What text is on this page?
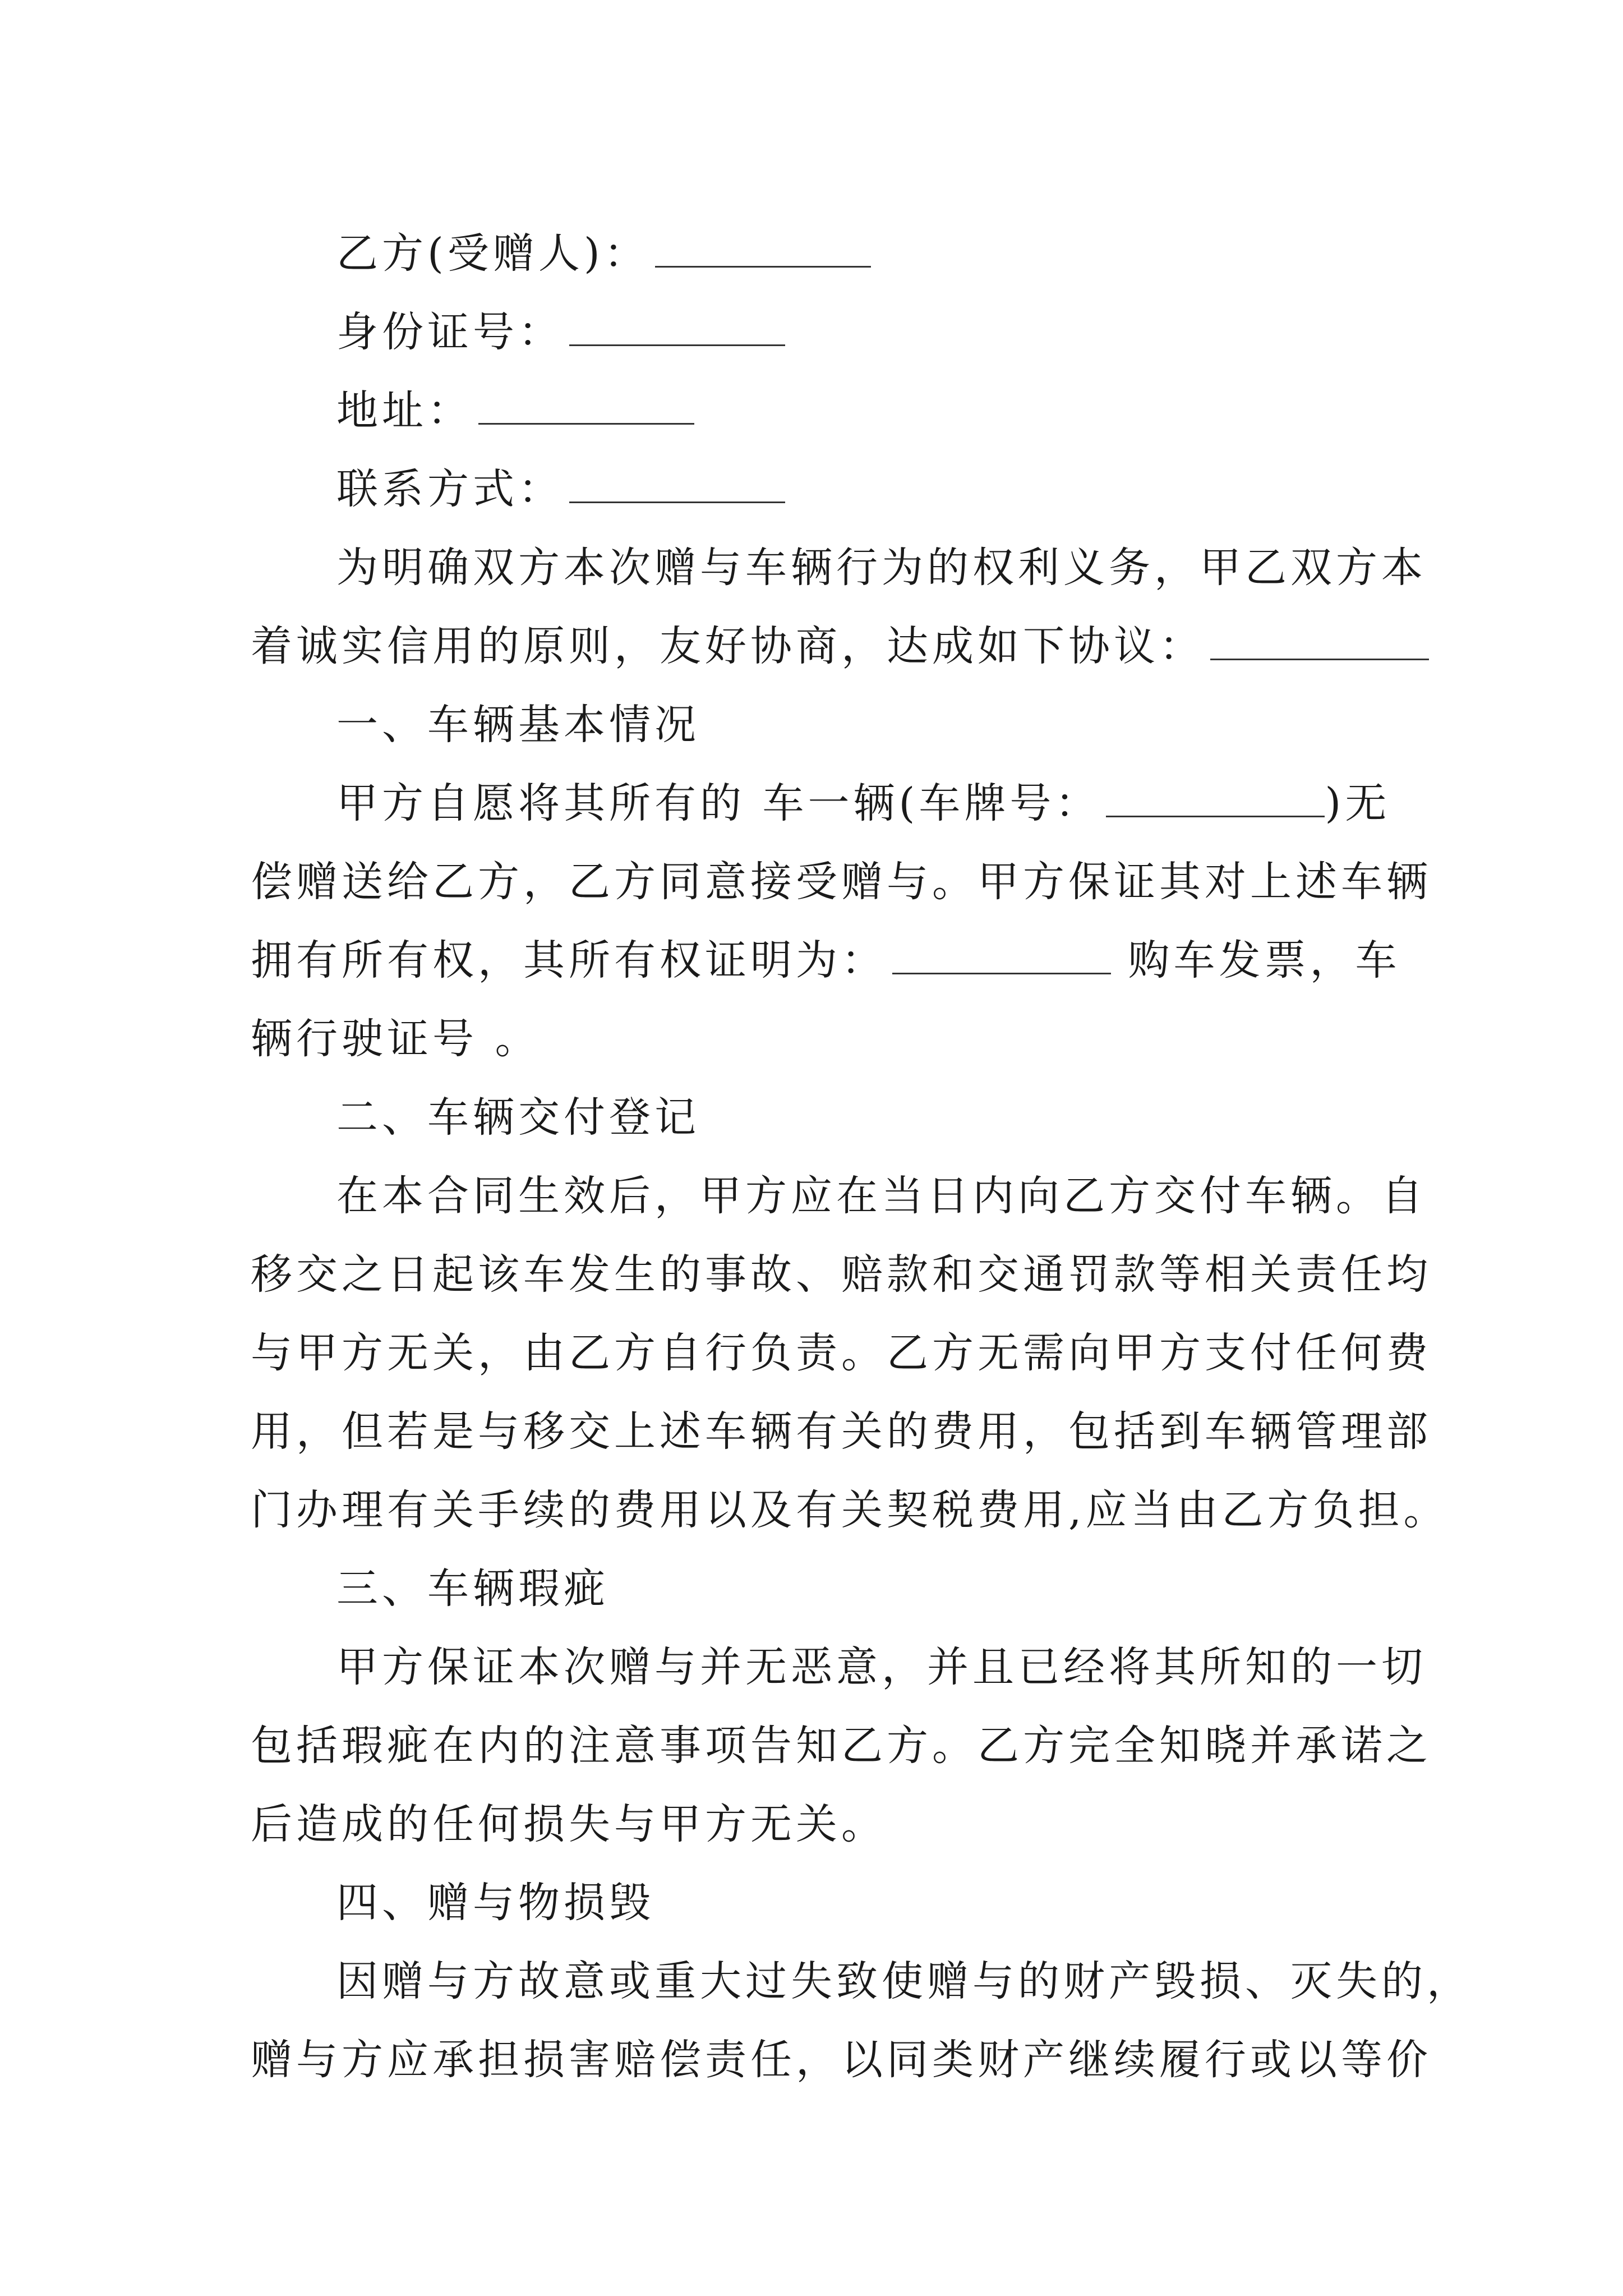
乙方(受赠人)：
身份证号：
地址：
联系方式：
为明确双方本次赠与车辆行为的权利义务，甲乙双方本
着诚实信用的原则，友好协商，达成如下协议：
一、车辆基本情况
甲方自愿将其所有的 车一辆(车牌号：	)无
偿赠送给乙方，乙方同意接受赠与。甲方保证其对上述车辆
拥有所有权，其所有权证明为：	购车发票，车
辆行驶证号 。
二、车辆交付登记
在本合同生效后，甲方应在当日内向乙方交付车辆。自
移交之日起该车发生的事故、赔款和交通罚款等相关责任均
与甲方无关，由乙方自行负责。乙方无需向甲方支付任何费
用，但若是与移交上述车辆有关的费用，包括到车辆管理部
门办理有关手续的费用以及有关契税费用,应当由乙方负担。
三、车辆瑕疵
甲方保证本次赠与并无恶意，并且已经将其所知的一切
包括瑕疵在内的注意事项告知乙方。乙方完全知晓并承诺之
后造成的任何损失与甲方无关。
四、赠与物损毁
因赠与方故意或重大过失致使赠与的财产毁损、灭失的，
赠与方应承担损害赔偿责任，以同类财产继续履行或以等价
